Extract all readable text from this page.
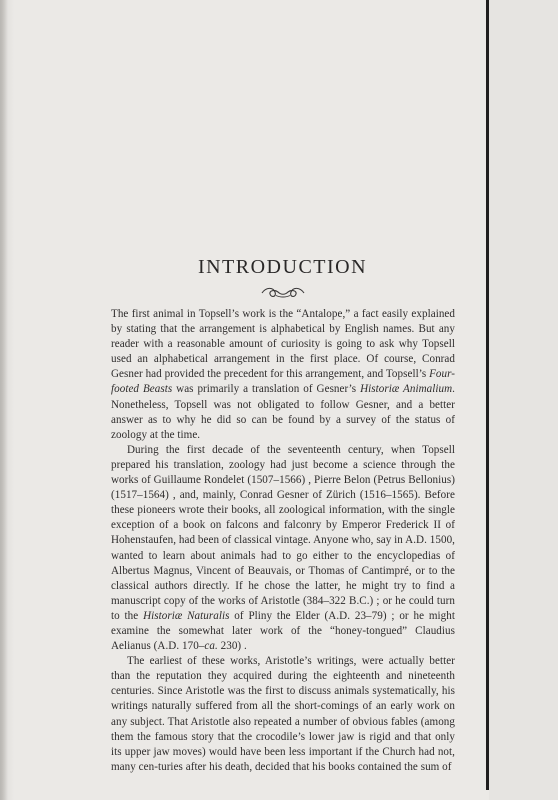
INTRODUCTION

The first animal in Topsell’s work is the “Antalope,” a fact easily explained by stating that the arrangement is alphabetical by English names. But any reader with a reasonable amount of curiosity is going to ask why Topsell used an alphabetical arrangement in the first place. Of course, Conrad Gesner had provided the precedent for this arrangement, and Topsell’s Four-footed Beasts was primarily a translation of Gesner’s Historiæ Animalium. Nonetheless, Topsell was not obligated to follow Gesner, and a better answer as to why he did so can be found by a survey of the status of zoology at the time.

During the first decade of the seventeenth century, when Topsell prepared his translation, zoology had just become a science through the works of Guillaume Rondelet (1507–1566) , Pierre Belon (Petrus Bellonius) (1517–1564) , and, mainly, Conrad Gesner of Zürich (1516–1565). Before these pioneers wrote their books, all zoological information, with the single exception of a book on falcons and falconry by Emperor Frederick II of Hohenstaufen, had been of classical vintage. Anyone who, say in A.D. 1500, wanted to learn about animals had to go either to the encyclopedias of Albertus Magnus, Vincent of Beauvais, or Thomas of Cantimpré, or to the classical authors directly. If he chose the latter, he might try to find a manuscript copy of the works of Aristotle (384–322 B.C.) ; or he could turn to the Historiæ Naturalis of Pliny the Elder (A.D. 23–79) ; or he might examine the somewhat later work of the “honey-tongued” Claudius Aelianus (A.D. 170–ca. 230) .

The earliest of these works, Aristotle’s writings, were actually better than the reputation they acquired during the eighteenth and nineteenth centuries. Since Aristotle was the first to discuss animals systematically, his writings naturally suffered from all the short-comings of an early work on any subject. That Aristotle also repeated a number of obvious fables (among them the famous story that the crocodile’s lower jaw is rigid and that only its upper jaw moves) would have been less important if the Church had not, many cen-turies after his death, decided that his books contained the sum of
